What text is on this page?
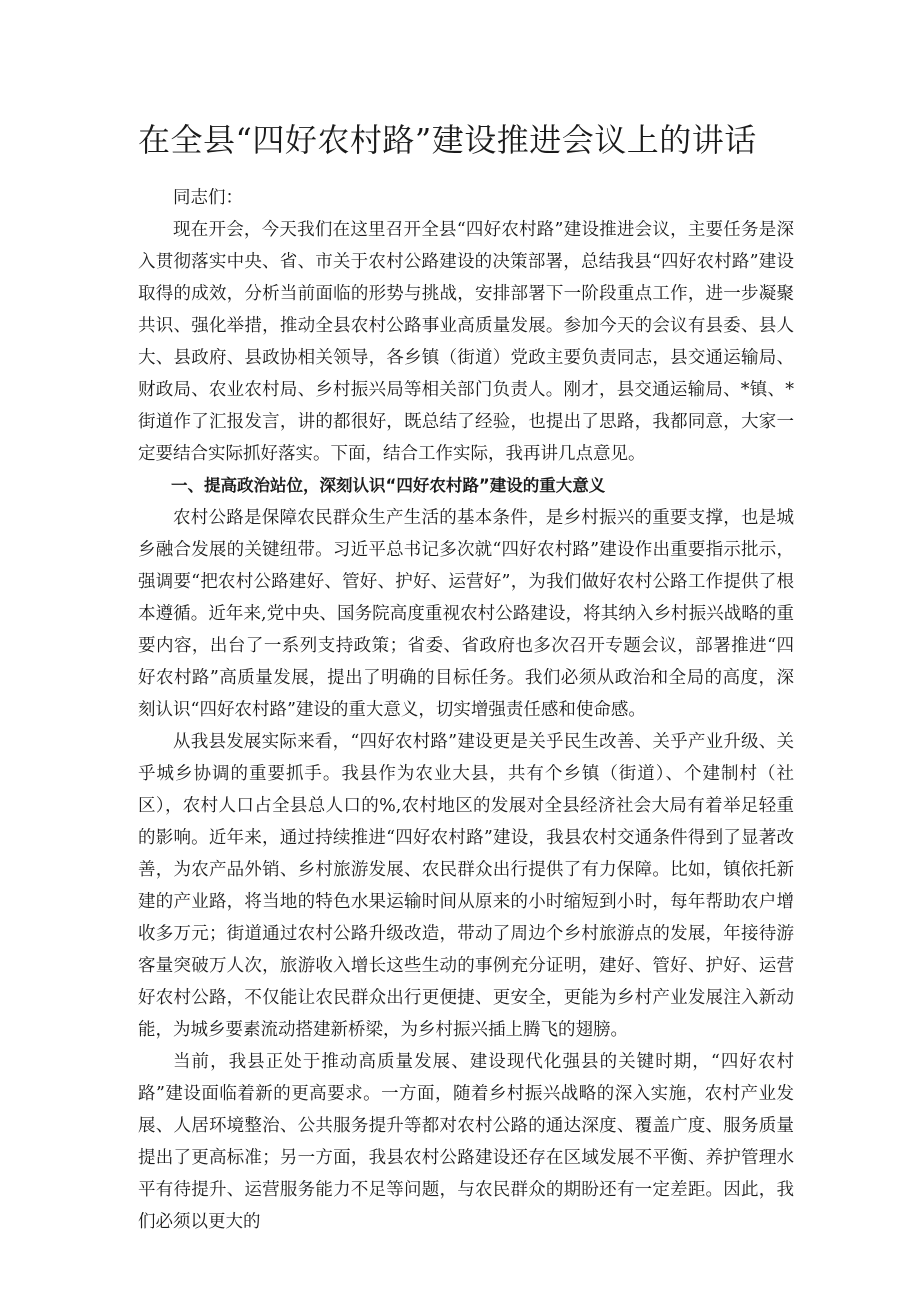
在全县“四好农村路”建设推进会议上的讲话

同志们：

现在开会，今天我们在这里召开全县“四好农村路”建设推进会议，主要任务是深入贯彻落实中央、省、市关于农村公路建设的决策部署，总结我县“四好农村路”建设取得的成效，分析当前面临的形势与挑战，安排部署下一阶段重点工作，进一步凝聚共识、强化举措，推动全县农村公路事业高质量发展。参加今天的会议有县委、县人大、县政府、县政协相关领导，各乡镇（街道）党政主要负责同志，县交通运输局、财政局、农业农村局、乡村振兴局等相关部门负责人。刚才，县交通运输局、*镇、*街道作了汇报发言，讲的都很好，既总结了经验，也提出了思路，我都同意，大家一定要结合实际抓好落实。下面，结合工作实际，我再讲几点意见。

一、提高政治站位，深刻认识“四好农村路”建设的重大意义

农村公路是保障农民群众生产生活的基本条件，是乡村振兴的重要支撑，也是城乡融合发展的关键纽带。习近平总书记多次就“四好农村路”建设作出重要指示批示，强调要“把农村公路建好、管好、护好、运营好”，为我们做好农村公路工作提供了根本遵循。近年来,党中央、国务院高度重视农村公路建设，将其纳入乡村振兴战略的重要内容，出台了一系列支持政策；省委、省政府也多次召开专题会议，部署推进“四好农村路”高质量发展，提出了明确的目标任务。我们必须从政治和全局的高度，深刻认识“四好农村路”建设的重大意义，切实增强责任感和使命感。

从我县发展实际来看，“四好农村路”建设更是关乎民生改善、关乎产业升级、关乎城乡协调的重要抓手。我县作为农业大县，共有个乡镇（街道）、个建制村（社区），农村人口占全县总人口的%,农村地区的发展对全县经济社会大局有着举足轻重的影响。近年来，通过持续推进“四好农村路”建设，我县农村交通条件得到了显著改善，为农产品外销、乡村旅游发展、农民群众出行提供了有力保障。比如，镇依托新建的产业路，将当地的特色水果运输时间从原来的小时缩短到小时，每年帮助农户增收多万元；街道通过农村公路升级改造，带动了周边个乡村旅游点的发展，年接待游客量突破万人次，旅游收入增长这些生动的事例充分证明，建好、管好、护好、运营好农村公路，不仅能让农民群众出行更便捷、更安全，更能为乡村产业发展注入新动能，为城乡要素流动搭建新桥梁，为乡村振兴插上腾飞的翅膀。

当前，我县正处于推动高质量发展、建设现代化强县的关键时期，“四好农村路”建设面临着新的更高要求。一方面，随着乡村振兴战略的深入实施，农村产业发展、人居环境整治、公共服务提升等都对农村公路的通达深度、覆盖广度、服务质量提出了更高标准；另一方面，我县农村公路建设还存在区域发展不平衡、养护管理水平有待提升、运营服务能力不足等问题，与农民群众的期盼还有一定差距。因此，我们必须以更大的
